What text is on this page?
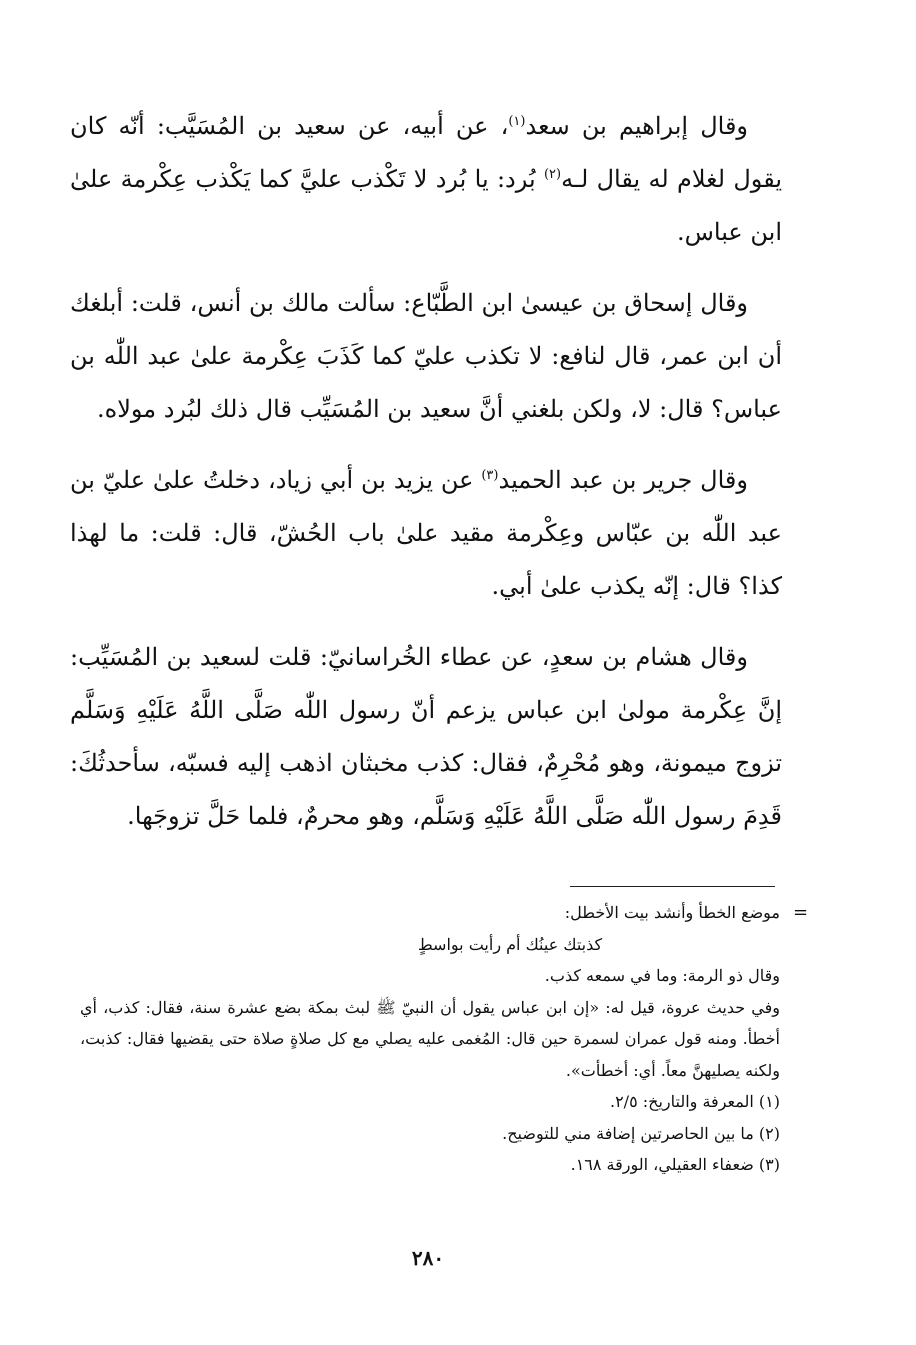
وقال إبراهيم بن سعد$^{(١)}$، عن أبيه، عن سعيد بن المُسَيَّب: أنّه كان يقول لغلام له يقال لـه$^{(٢)}$ بُرد: يا بُرد لا تَكْذب عليَّ كما يَكْذب عِكْرمة علىٰ ابن عباس.

وقال إسحاق بن عيسىٰ ابن الطَّبّاع: سألت مالك بن أنس، قلت: أبلغك أن ابن عمر، قال لنافع: لا تكذب عليّ كما كَذَبَ عِكْرمة علىٰ عبد اللّٰه بن عباس؟ قال: لا، ولكن بلغني أنَّ سعيد بن المُسَيِّب قال ذلك لبُرد مولاه.

وقال جرير بن عبد الحميد$^{(٣)}$ عن يزيد بن أبي زياد، دخلتُ علىٰ عليّ بن عبد اللّٰه بن عبّاس وعِكْرمة مقيد علىٰ باب الحُشّ، قال: قلت: ما لهذا كذا؟ قال: إنّه يكذب علىٰ أبي.

وقال هشام بن سعدٍ، عن عطاء الخُراسانيّ: قلت لسعيد بن المُسَيِّب: إنَّ عِكْرمة مولىٰ ابن عباس يزعم أنّ رسول اللّٰه صَلَّى اللَّهُ عَلَيْهِ وَسَلَّم تزوج ميمونة، وهو مُحْرِمٌ، فقال: كذب مخبثان اذهب إليه فسبّه، سأحدثُكَ: قَدِمَ رسول اللّٰه صَلَّى اللَّهُ عَلَيْهِ وَسَلَّم، وهو محرمٌ، فلما حَلَّ تزوجَها.

=

موضع الخطأ وأنشد بيت الأخطل:

كذبتك عينُك أم رأيت بواسطٍ

وقال ذو الرمة: وما في سمعه كذب.

وفي حديث عروة، قيل له: «إن ابن عباس يقول أن النبيّ ﷺ لبث بمكة بضع عشرة سنة، فقال: كذب، أي أخطأ. ومنه قول عمران لسمرة حين قال: المُغمى عليه يصلي مع كل صلاةٍ صلاة حتى يقضيها فقال: كذبت، ولكنه يصليهنَّ معاً. أي: أخطأت».

(١) المعرفة والتاريخ: ٢/٥.

(٢) ما بين الحاصرتين إضافة مني للتوضيح.

(٣) ضعفاء العقيلي، الورقة ١٦٨.

٢٨٠
